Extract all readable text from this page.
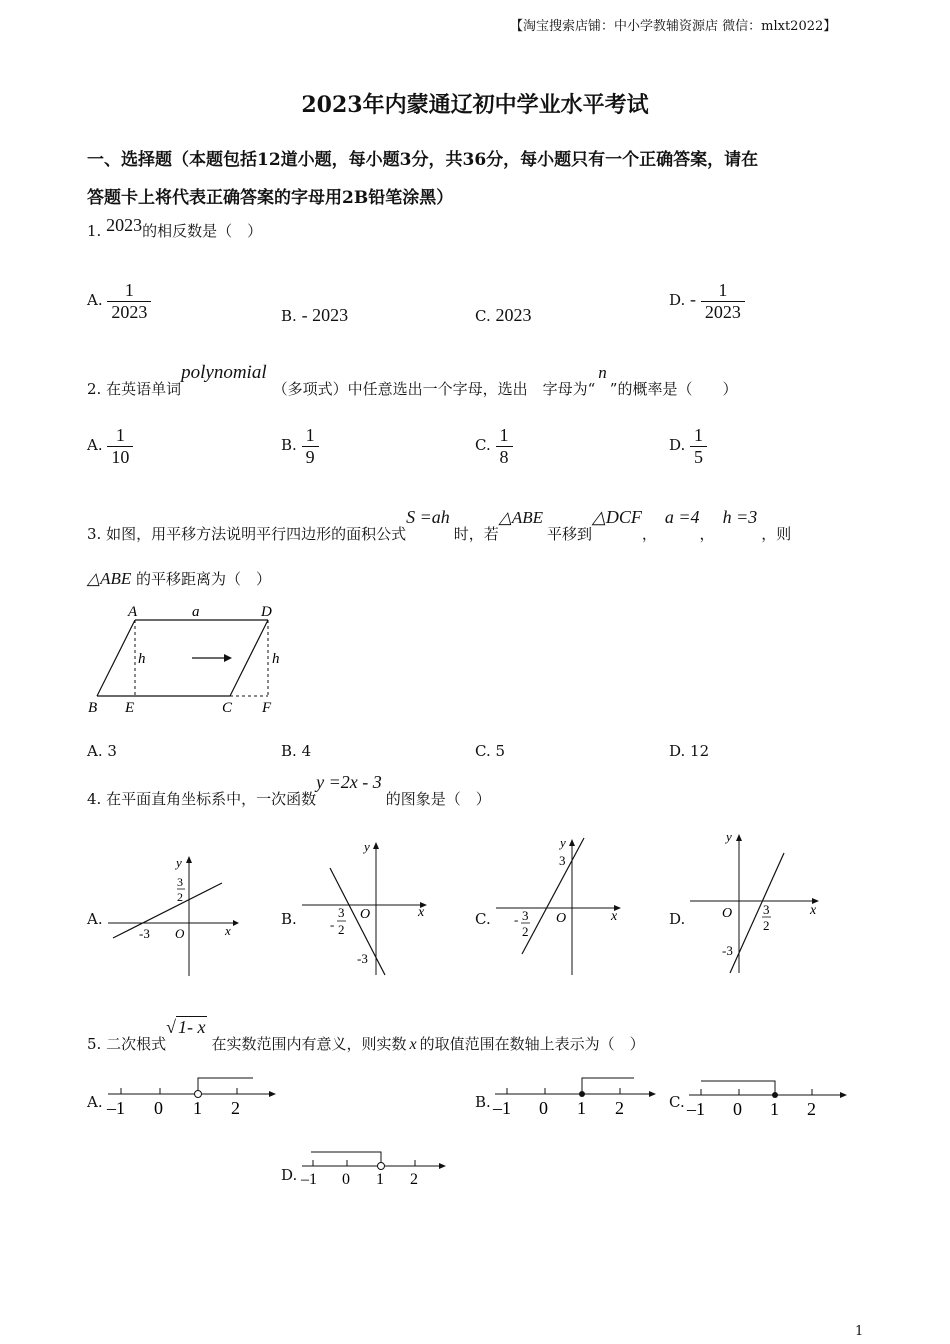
【淘宝搜索店铺：中小学教辅资源店 微信：mlxt2022】
2023年内蒙通辽初中学业水平考试
一、选择题（本题包括12道小题，每小题3分，共36分，每小题只有一个正确答案，请在
答题卡上将代表正确答案的字母用2B铅笔涂黑）
1. 2023的相反数是（　）
A. $\frac{1}{2023}$	B. - 2023	C. 2023
D. - $\frac{1}{2023}$
2. 在英语单词polynomial（多项式）中任意选出一个字母，选出　字母为“n”的概率是（　　）
A. $\frac{1}{10}$	B. $\frac{1}{9}$	C. $\frac{1}{8}$	D. $\frac{1}{5}$
3. 如图，用平移方法说明平行四边形的面积公式S =ah时，若△ABE平移到△DCF，a =4，h =3，则
△ABE 的平移距离为（　）
A	a	D
h	h
B E	C F
A. 3	B. 4	C. 5	D. 12
4. 在平面直角坐标系中，一次函数y =2x - 3的图象是（　）
A.
y
3
2
-3 O	x
B.
y
-
3
2
O	x
-3
C.
y
3
- 3
2
O	x	D.
y
O 3
2
x
-3
5. 二次根式√ 1- x在实数范围内有意义，则实数 x 的取值范围在数轴上表示为（　）
A. –1 0 1 2	B. –1 0 1 2	C. –1 0 1 2
D. –1 0 1 2
1
